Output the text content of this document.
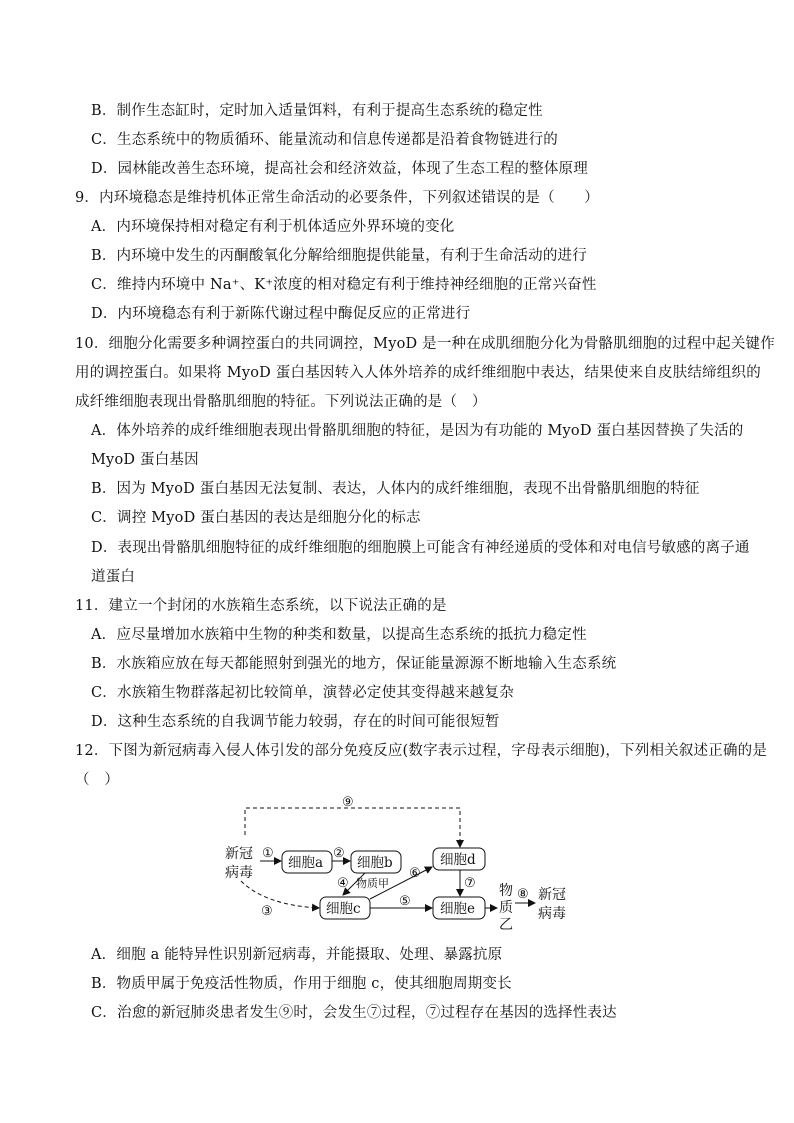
B．制作生态缸时，定时加入适量饵料，有利于提高生态系统的稳定性
C．生态系统中的物质循环、能量流动和信息传递都是沿着食物链进行的
D．园林能改善生态环境，提高社会和经济效益，体现了生态工程的整体原理
9．内环境稳态是维持机体正常生命活动的必要条件，下列叙述错误的是（　　）
A．内环境保持相对稳定有利于机体适应外界环境的变化
B．内环境中发生的丙酮酸氧化分解给细胞提供能量，有利于生命活动的进行
C．维持内环境中 Na⁺、K⁺浓度的相对稳定有利于维持神经细胞的正常兴奋性
D．内环境稳态有利于新陈代谢过程中酶促反应的正常进行
10．细胞分化需要多种调控蛋白的共同调控，MyoD 是一种在成肌细胞分化为骨骼肌细胞的过程中起关键作
用的调控蛋白。如果将 MyoD 蛋白基因转入人体外培养的成纤维细胞中表达，结果使来自皮肤结缔组织的
成纤维细胞表现出骨骼肌细胞的特征。下列说法正确的是（　）
A．体外培养的成纤维细胞表现出骨骼肌细胞的特征，是因为有功能的 MyoD 蛋白基因替换了失活的
MyoD 蛋白基因
B．因为 MyoD 蛋白基因无法复制、表达，人体内的成纤维细胞，表现不出骨骼肌细胞的特征
C．调控 MyoD 蛋白基因的表达是细胞分化的标志
D．表现出骨骼肌细胞特征的成纤维细胞的细胞膜上可能含有神经递质的受体和对电信号敏感的离子通
道蛋白
11．建立一个封闭的水族箱生态系统，以下说法正确的是
A．应尽量增加水族箱中生物的种类和数量，以提高生态系统的抵抗力稳定性
B．水族箱应放在每天都能照射到强光的地方，保证能量源源不断地输入生态系统
C．水族箱生物群落起初比较简单，演替必定使其变得越来越复杂
D．这种生态系统的自我调节能力较弱，存在的时间可能很短暂
12．下图为新冠病毒入侵人体引发的部分免疫反应(数字表示过程，字母表示细胞)，下列相关叙述正确的是
（　）
⑨
新冠
病毒
①
细胞a
②
细胞b
④ 物质甲
③	细胞c
⑥
⑤
细胞d
⑦
细胞e
物
质
乙
⑧ 新冠
病毒
A．细胞 a 能特异性识别新冠病毒，并能摄取、处理、暴露抗原
B．物质甲属于免疫活性物质，作用于细胞 c，使其细胞周期变长
C．治愈的新冠肺炎患者发生⑨时，会发生⑦过程，⑦过程存在基因的选择性表达
